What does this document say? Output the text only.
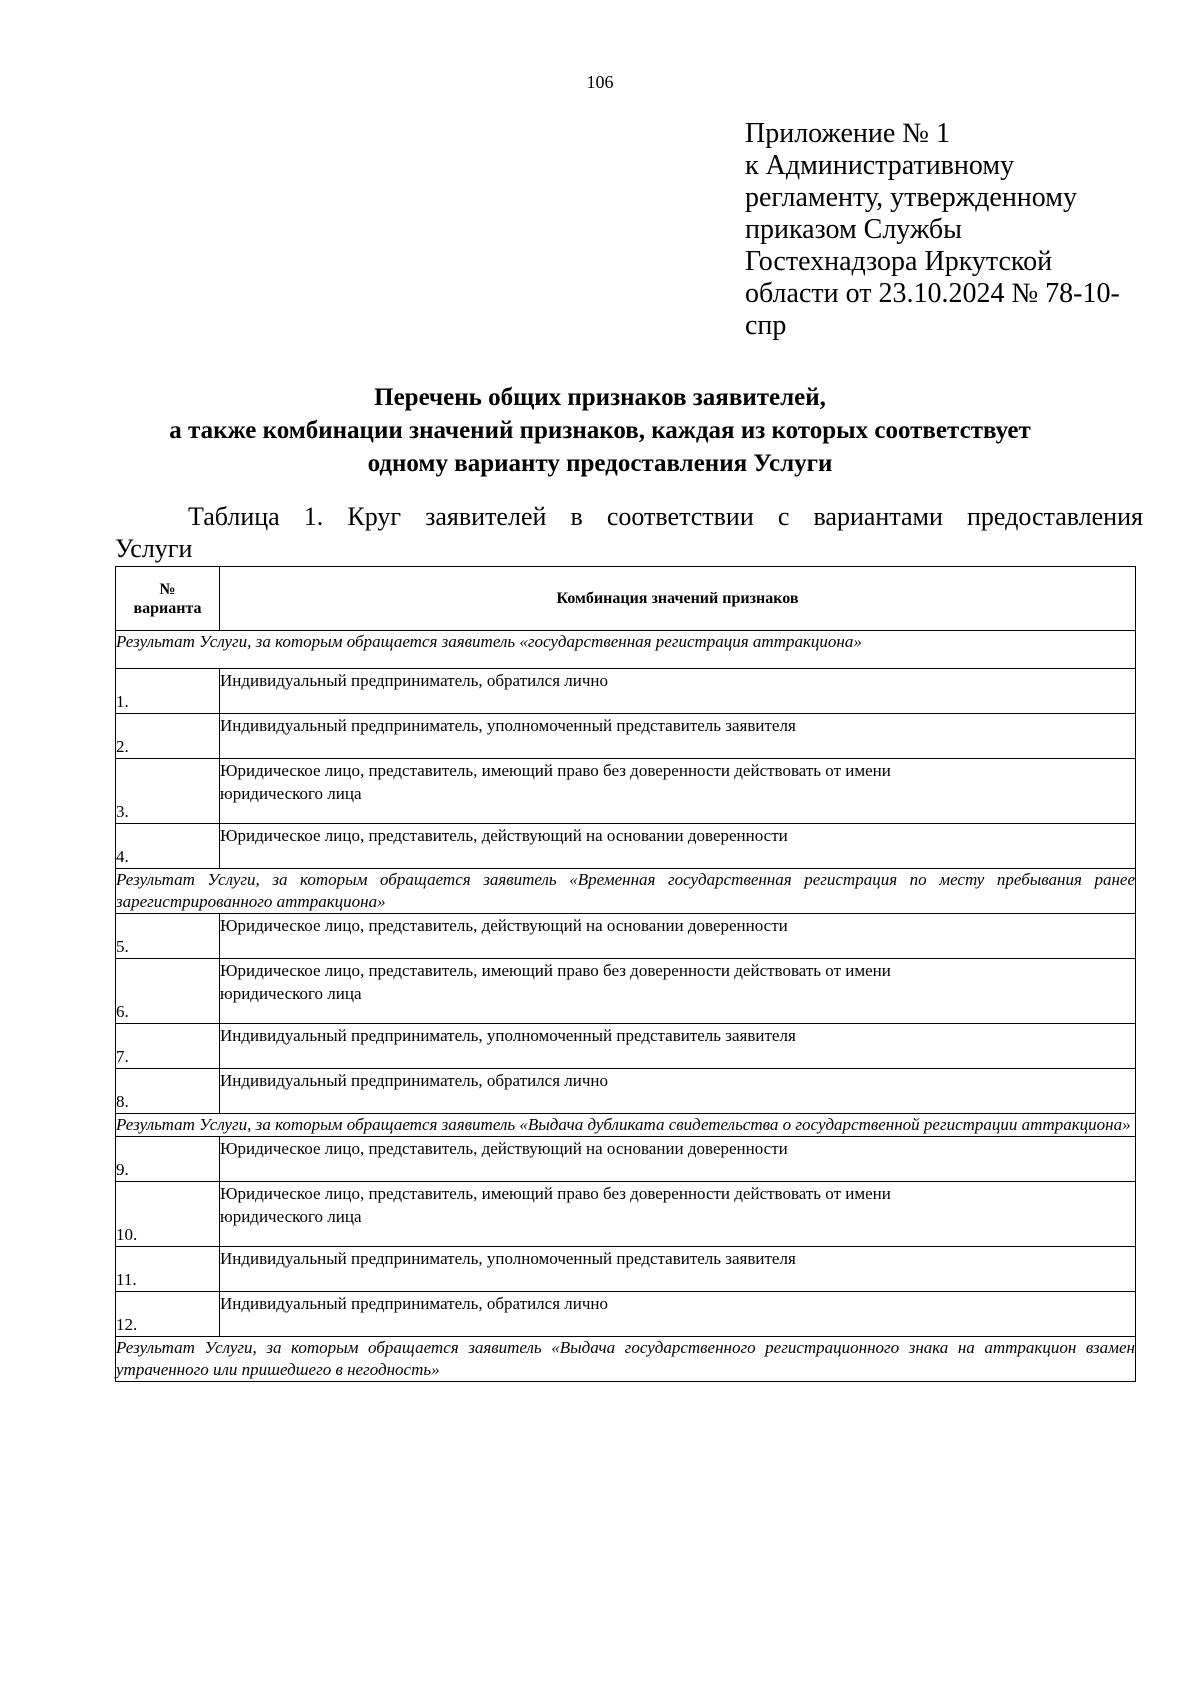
106
Приложение № 1
к Административному
регламенту, утвержденному
приказом Службы
Гостехнадзора Иркутской
области от 23.10.2024 № 78-10-
спр
Перечень общих признаков заявителей,
а также комбинации значений признаков, каждая из которых соответствует
одному варианту предоставления Услуги
Таблица 1. Круг заявителей в соответствии с вариантами предоставления
Услуги
№
варианта	Комбинация значений признаков
Результат Услуги, за которым обращается заявитель «государственная регистрация аттракциона»	
1.	Индивидуальный предприниматель, обратился лично

2.	Индивидуальный предприниматель, уполномоченный представитель заявителя

3.	Юридическое лицо, представитель, имеющий право без доверенности действовать от имени
юридического лица

4.	Юридическое лицо, представитель, действующий на основании доверенности

Результат Услуги, за которым обращается заявитель «Временная государственная регистрация по месту пребывания ранее зарегистрированного аттракциона»	
5.	Юридическое лицо, представитель, действующий на основании доверенности

6.	Юридическое лицо, представитель, имеющий право без доверенности действовать от имени
юридического лица

7.	Индивидуальный предприниматель, уполномоченный представитель заявителя

8.	Индивидуальный предприниматель, обратился лично

Результат Услуги, за которым обращается заявитель «Выдача дубликата свидетельства о государственной регистрации аттракциона»	
9.	Юридическое лицо, представитель, действующий на основании доверенности

10.	Юридическое лицо, представитель, имеющий право без доверенности действовать от имени
юридического лица

11.	Индивидуальный предприниматель, уполномоченный представитель заявителя

12.	Индивидуальный предприниматель, обратился лично

Результат Услуги, за которым обращается заявитель «Выдача государственного регистрационного знака на аттракцион взамен утраченного или пришедшего в негодность»	
